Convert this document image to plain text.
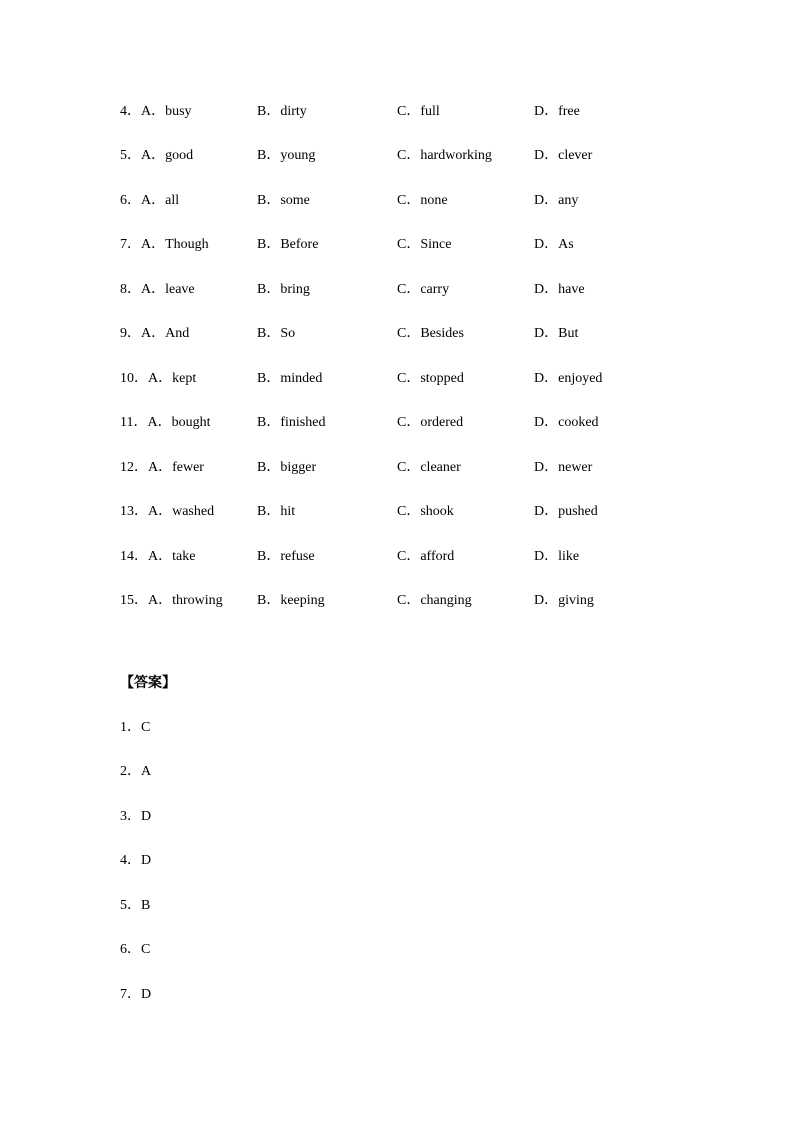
4．A．busy	B．dirty	C．full	D．free
5．A．good	B．young	C．hardworking	D．clever
6．A．all	B．some	C．none	D．any
7．A．Though	B．Before	C．Since	D．As
8．A．leave	B．bring	C．carry	D．have
9．A．And	B．So	C．Besides	D．But
10．A．kept	B．minded	C．stopped	D．enjoyed
11．A．bought	B．finished	C．ordered	D．cooked
12．A．fewer	B．bigger	C．cleaner	D．newer
13．A．washed	B．hit	C．shook	D．pushed
14．A．take	B．refuse	C．afford	D．like
15．A．throwing B．keeping	C．changing	D．giving
【答案】
1．C
2．A
3．D
4．D
5．B
6．C
7．D
